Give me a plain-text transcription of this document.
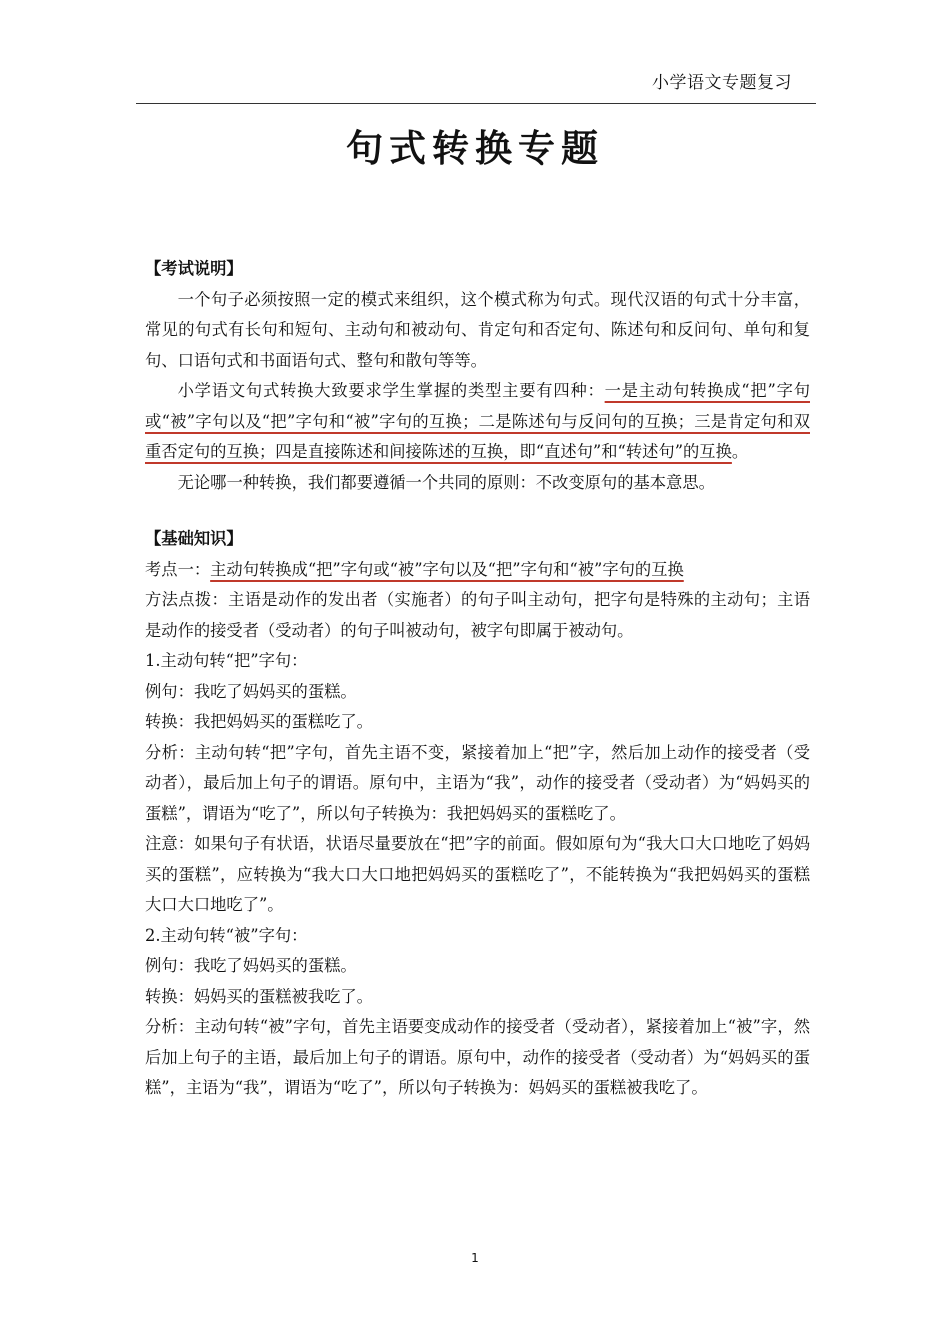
小学语文专题复习
句式转换专题

【考试说明】

一个句子必须按照一定的模式来组织，这个模式称为句式。现代汉语的句式十分丰富，常见的句式有长句和短句、主动句和被动句、肯定句和否定句、陈述句和反问句、单句和复句、口语句式和书面语句式、整句和散句等等。

小学语文句式转换大致要求学生掌握的类型主要有四种：一是主动句转换成“把”字句或“被”字句以及“把”字句和“被”字句的互换；二是陈述句与反问句的互换；三是肯定句和双重否定句的互换；四是直接陈述和间接陈述的互换，即“直述句”和“转述句”的互换。

无论哪一种转换，我们都要遵循一个共同的原则：不改变原句的基本意思。

【基础知识】

考点一：主动句转换成“把”字句或“被”字句以及“把”字句和“被”字句的互换

方法点拨：主语是动作的发出者（实施者）的句子叫主动句，把字句是特殊的主动句；主语是动作的接受者（受动者）的句子叫被动句，被字句即属于被动句。

1.主动句转“把”字句：

例句：我吃了妈妈买的蛋糕。

转换：我把妈妈买的蛋糕吃了。

分析：主动句转“把”字句，首先主语不变，紧接着加上“把”字，然后加上动作的接受者（受动者），最后加上句子的谓语。原句中，主语为“我”，动作的接受者（受动者）为“妈妈买的蛋糕”，谓语为“吃了”，所以句子转换为：我把妈妈买的蛋糕吃了。

注意：如果句子有状语，状语尽量要放在“把”字的前面。假如原句为“我大口大口地吃了妈妈买的蛋糕”，应转换为“我大口大口地把妈妈买的蛋糕吃了”，不能转换为“我把妈妈买的蛋糕大口大口地吃了”。

2.主动句转“被”字句：

例句：我吃了妈妈买的蛋糕。

转换：妈妈买的蛋糕被我吃了。

分析：主动句转“被”字句，首先主语要变成动作的接受者（受动者），紧接着加上“被”字，然后加上句子的主语，最后加上句子的谓语。原句中，动作的接受者（受动者）为“妈妈买的蛋糕”，主语为“我”，谓语为“吃了”，所以句子转换为：妈妈买的蛋糕被我吃了。

1
